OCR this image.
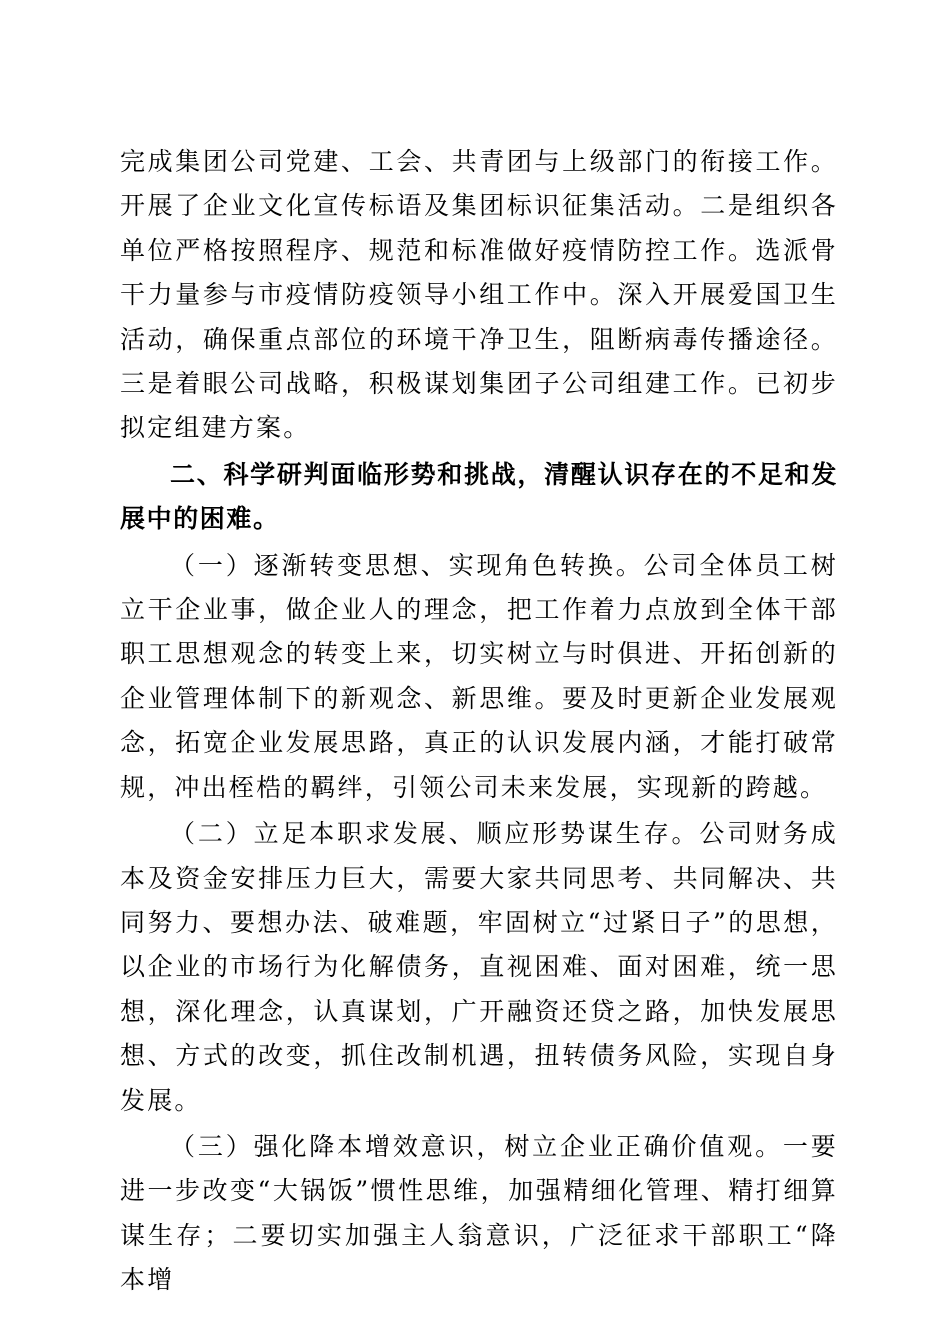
完成集团公司党建、工会、共青团与上级部门的衔接工作。开展了企业文化宣传标语及集团标识征集活动。二是组织各单位严格按照程序、规范和标准做好疫情防控工作。选派骨干力量参与市疫情防疫领导小组工作中。深入开展爱国卫生活动，确保重点部位的环境干净卫生，阻断病毒传播途径。三是着眼公司战略，积极谋划集团子公司组建工作。已初步拟定组建方案。

二、科学研判面临形势和挑战，清醒认识存在的不足和发展中的困难。

（一）逐渐转变思想、实现角色转换。公司全体员工树立干企业事，做企业人的理念，把工作着力点放到全体干部职工思想观念的转变上来，切实树立与时俱进、开拓创新的企业管理体制下的新观念、新思维。要及时更新企业发展观念，拓宽企业发展思路，真正的认识发展内涵，才能打破常规，冲出桎梏的羁绊，引领公司未来发展，实现新的跨越。

（二）立足本职求发展、顺应形势谋生存。公司财务成本及资金安排压力巨大，需要大家共同思考、共同解决、共同努力、要想办法、破难题，牢固树立“过紧日子”的思想，以企业的市场行为化解债务，直视困难、面对困难，统一思想，深化理念，认真谋划，广开融资还贷之路，加快发展思想、方式的改变，抓住改制机遇，扭转债务风险，实现自身发展。

（三）强化降本增效意识，树立企业正确价值观。一要进一步改变“大锅饭”惯性思维，加强精细化管理、精打细算谋生存；二要切实加强主人翁意识，广泛征求干部职工“降本增
